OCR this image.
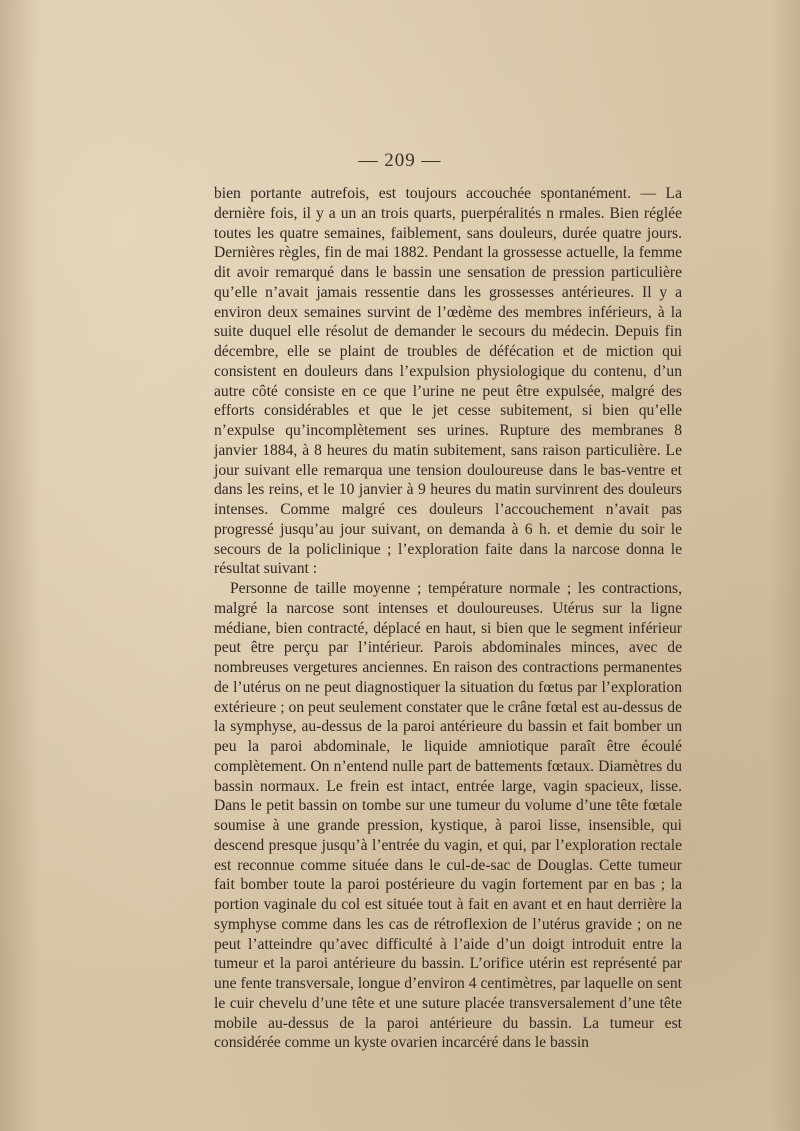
— 209 —

bien portante autrefois, est toujours accouchée spontanément. — La dernière fois, il y a un an trois quarts, puerpéralités n rmales. Bien réglée toutes les quatre semaines, faiblement, sans douleurs, durée quatre jours. Dernières règles, fin de mai 1882. Pendant la grossesse actuelle, la femme dit avoir remarqué dans le bassin une sensation de pression particulière qu’elle n’avait jamais ressentie dans les grossesses antérieures. Il y a environ deux semaines survint de l’œdème des membres inférieurs, à la suite duquel elle résolut de demander le secours du médecin. Depuis fin décembre, elle se plaint de troubles de défécation et de miction qui consistent en douleurs dans l’expulsion physiologique du contenu, d’un autre côté consiste en ce que l’urine ne peut être expulsée, malgré des efforts considérables et que le jet cesse subitement, si bien qu’elle n’expulse qu’incomplètement ses urines. Rupture des membranes 8 janvier 1884, à 8 heures du matin subitement, sans raison particulière. Le jour suivant elle remarqua une tension douloureuse dans le bas-ventre et dans les reins, et le 10 janvier à 9 heures du matin survinrent des douleurs intenses. Comme malgré ces douleurs l’accouchement n’avait pas progressé jusqu’au jour suivant, on demanda à 6 h. et demie du soir le secours de la policlinique ; l’exploration faite dans la narcose donna le résultat suivant :

Personne de taille moyenne ; température normale ; les contractions, malgré la narcose sont intenses et douloureuses. Utérus sur la ligne médiane, bien contracté, déplacé en haut, si bien que le segment inférieur peut être perçu par l’intérieur. Parois abdominales minces, avec de nombreuses vergetures anciennes. En raison des contractions permanentes de l’utérus on ne peut diagnostiquer la situation du fœtus par l’exploration extérieure ; on peut seulement constater que le crâne fœtal est au-dessus de la symphyse, au-dessus de la paroi antérieure du bassin et fait bomber un peu la paroi abdominale, le liquide amniotique paraît être écoulé complètement. On n’entend nulle part de battements fœtaux. Diamètres du bassin normaux. Le frein est intact, entrée large, vagin spacieux, lisse. Dans le petit bassin on tombe sur une tumeur du volume d’une tête fœtale soumise à une grande pression, kystique, à paroi lisse, insensible, qui descend presque jusqu’à l’entrée du vagin, et qui, par l’exploration rectale est reconnue comme située dans le cul-de-sac de Douglas. Cette tumeur fait bomber toute la paroi postérieure du vagin fortement par en bas ; la portion vaginale du col est située tout à fait en avant et en haut derrière la symphyse comme dans les cas de rétroflexion de l’utérus gravide ; on ne peut l’atteindre qu’avec difficulté à l’aide d’un doigt introduit entre la tumeur et la paroi antérieure du bassin. L’orifice utérin est représenté par une fente transversale, longue d’environ 4 centimètres, par laquelle on sent le cuir chevelu d’une tête et une suture placée transversalement d’une tête mobile au-dessus de la paroi antérieure du bassin. La tumeur est considérée comme un kyste ovarien incarcéré dans le bassin
